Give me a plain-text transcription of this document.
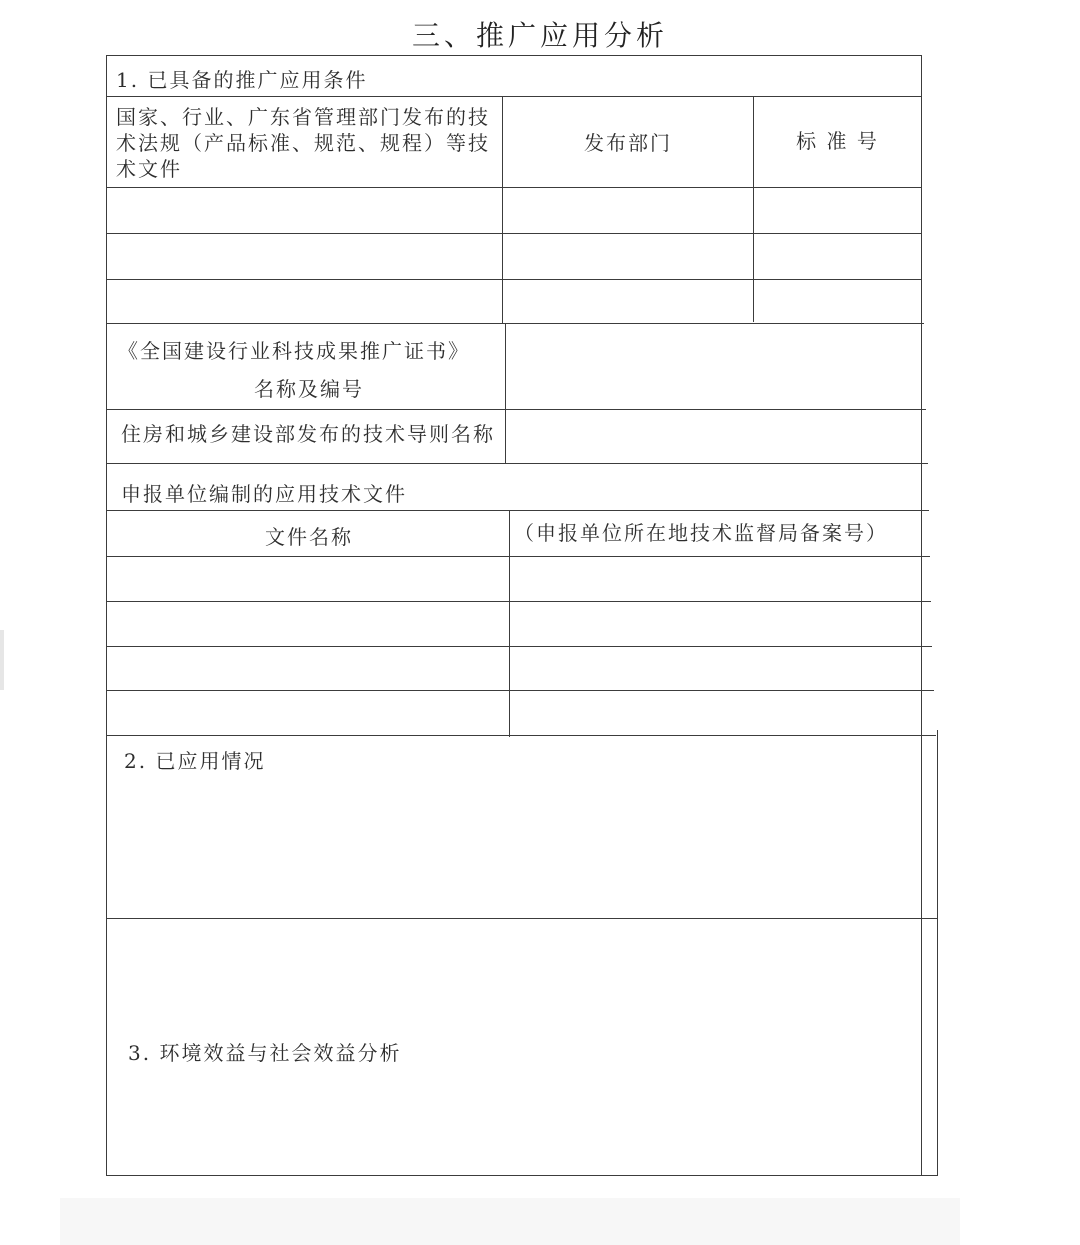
三、推广应用分析
1. 已具备的推广应用条件
国家、行业、广东省管理部门发布的技术法规（产品标准、规范、规程）等技术文件
发布部门	标 准 号
《全国建设行业科技成果推广证书》
名称及编号
住房和城乡建设部发布的技术导则名称
申报单位编制的应用技术文件
文件名称	（申报单位所在地技术监督局备案号）
2. 已应用情况
3. 环境效益与社会效益分析
